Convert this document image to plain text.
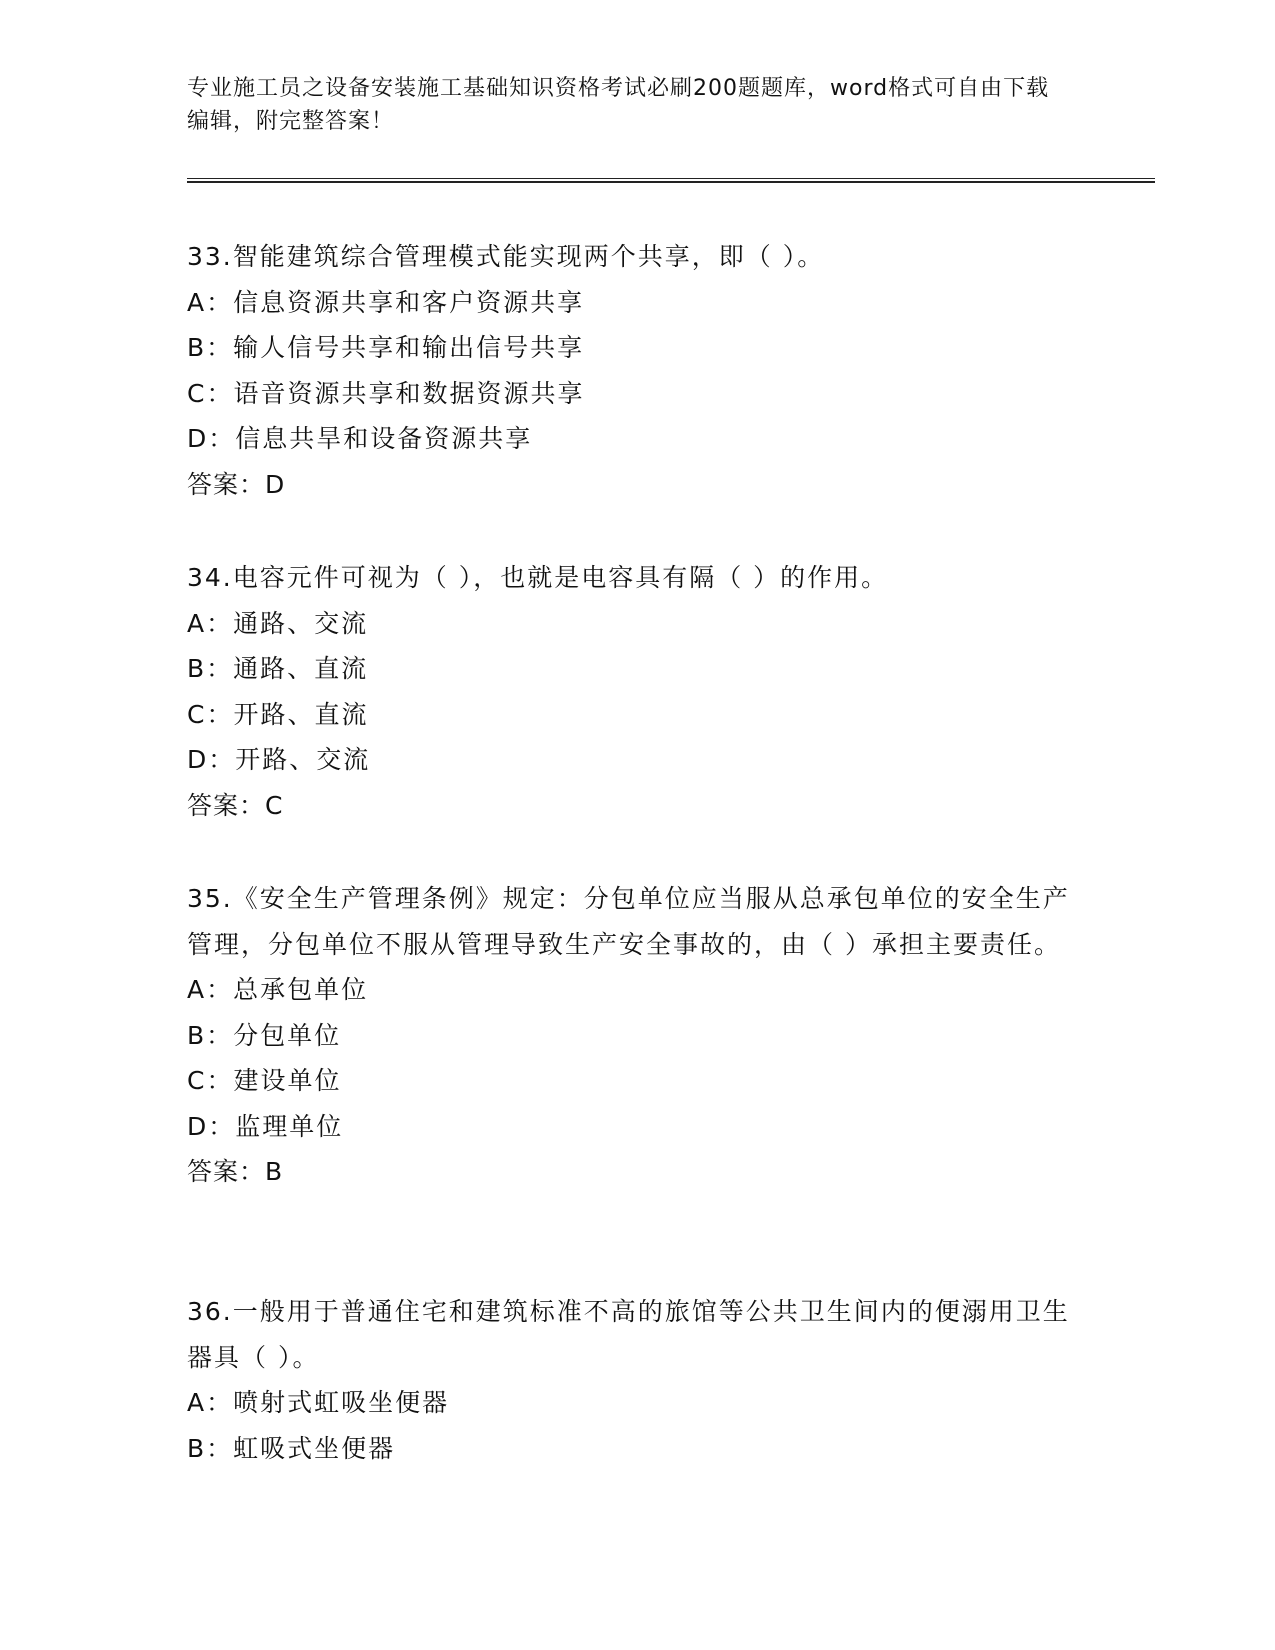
专业施工员之设备安装施工基础知识资格考试必刷200题题库，word格式可自由下载编辑，附完整答案！
33.智能建筑综合管理模式能实现两个共享，即（ ）。
A：信息资源共享和客户资源共享
B：输人信号共享和输出信号共享
C：语音资源共享和数据资源共享
D：信息共旱和设备资源共享
答案：D
34.电容元件可视为（ ），也就是电容具有隔（ ）的作用。
A：通路、交流
B：通路、直流
C：开路、直流
D：开路、交流
答案：C
35.《安全生产管理条例》规定：分包单位应当服从总承包单位的安全生产管理，分包单位不服从管理导致生产安全事故的，由（ ）承担主要责任。
A：总承包单位
B：分包单位
C：建设单位
D：监理单位
答案：B
36.一般用于普通住宅和建筑标准不高的旅馆等公共卫生间内的便溺用卫生器具（ ）。
A：喷射式虹吸坐便器
B：虹吸式坐便器
